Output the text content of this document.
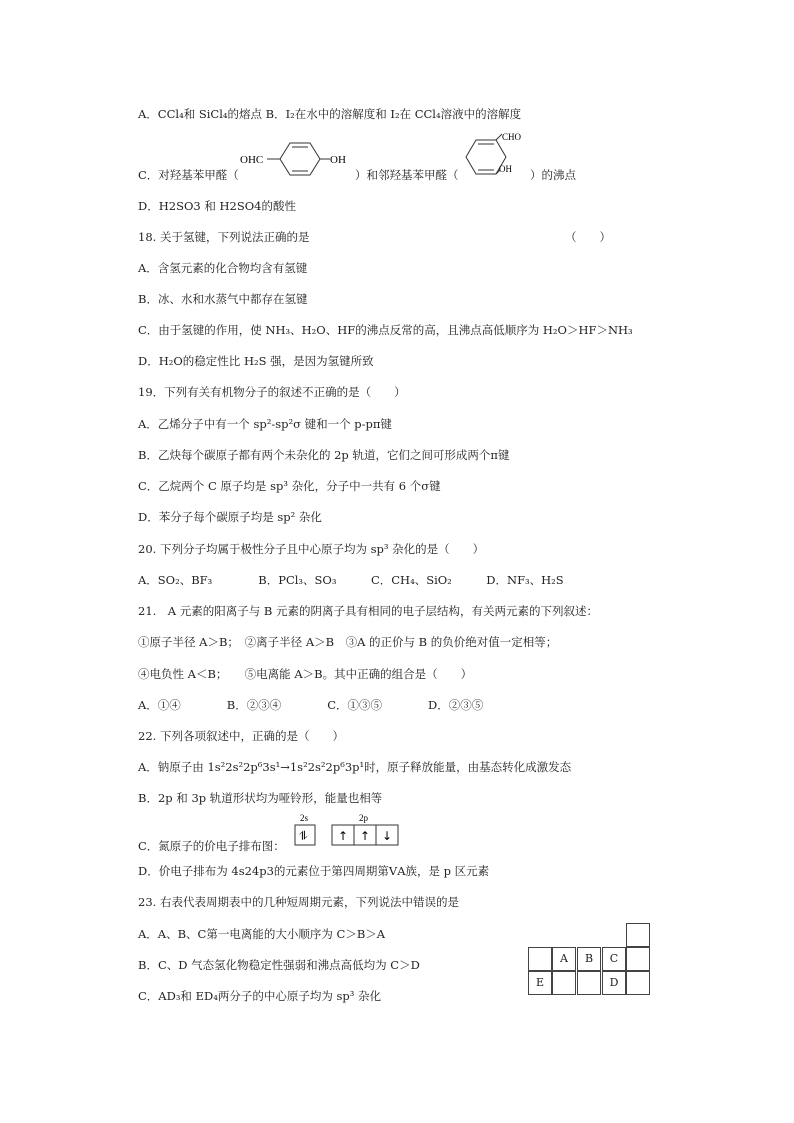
A．CCl₄和 SiCl₄的熔点 B．I₂在水中的溶解度和 I₂在 CCl₄溶液中的溶解度
C．对羟基苯甲醛（	）和邻羟基苯甲醛（	）的沸点
OHC	OH
CHO
OH
D．H2SO3 和 H2SO4的酸性
18. 关于氢键，下列说法正确的是	（　　）
A．含氢元素的化合物均含有氢键
B．冰、水和水蒸气中都存在氢键
C．由于氢键的作用，使 NH₃、H₂O、HF的沸点反常的高，且沸点高低顺序为 H₂O＞HF＞NH₃
D．H₂O的稳定性比 H₂S 强，是因为氢键所致
19．下列有关有机物分子的叙述不正确的是（　　）
A．乙烯分子中有一个 sp²-sp²σ 键和一个 p-pπ键
B．乙炔每个碳原子都有两个未杂化的 2p 轨道，它们之间可形成两个π键
C．乙烷两个 C 原子均是 sp³ 杂化，分子中一共有 6 个σ键
D．苯分子每个碳原子均是 sp² 杂化
20. 下列分子均属于极性分子且中心原子均为 sp³ 杂化的是（　　）
A．SO₂、BF₃　　　　B．PCl₃、SO₃　　　C．CH₄、SiO₂　　　D．NF₃、H₂S
21.　A 元素的阳离子与 B 元素的阴离子具有相同的电子层结构，有关两元素的下列叙述：
①原子半径 A＞B；　②离子半径 A＞B　③A 的正价与 B 的负价绝对值一定相等；
④电负性 A＜B；　　⑤电离能 A＞B。其中正确的组合是（　　）
A．①④　　　　B．②③④　　　　C．①③⑤　　　　D．②③⑤
22. 下列各项叙述中，正确的是（　　）
A．钠原子由 1s²2s²2p⁶3s¹→1s²2s²2p⁶3p¹时，原子释放能量，由基态转化成激发态
B．2p 和 3p 轨道形状均为哑铃形，能量也相等
C．氮原子的价电子排布图：
2s	2p
⥮	↑ ↑ ↓
D．价电子排布为 4s24p3的元素位于第四周期第ⅤA族，是 p 区元素
23. 右表代表周期表中的几种短周期元素，下列说法中错误的是
A．A、B、C第一电离能的大小顺序为 C＞B＞A
B．C、D 气态氢化物稳定性强弱和沸点高低均为 C＞D
C．AD₃和 ED₄两分子的中心原子均为 sp³ 杂化
A	B	C
E	D
